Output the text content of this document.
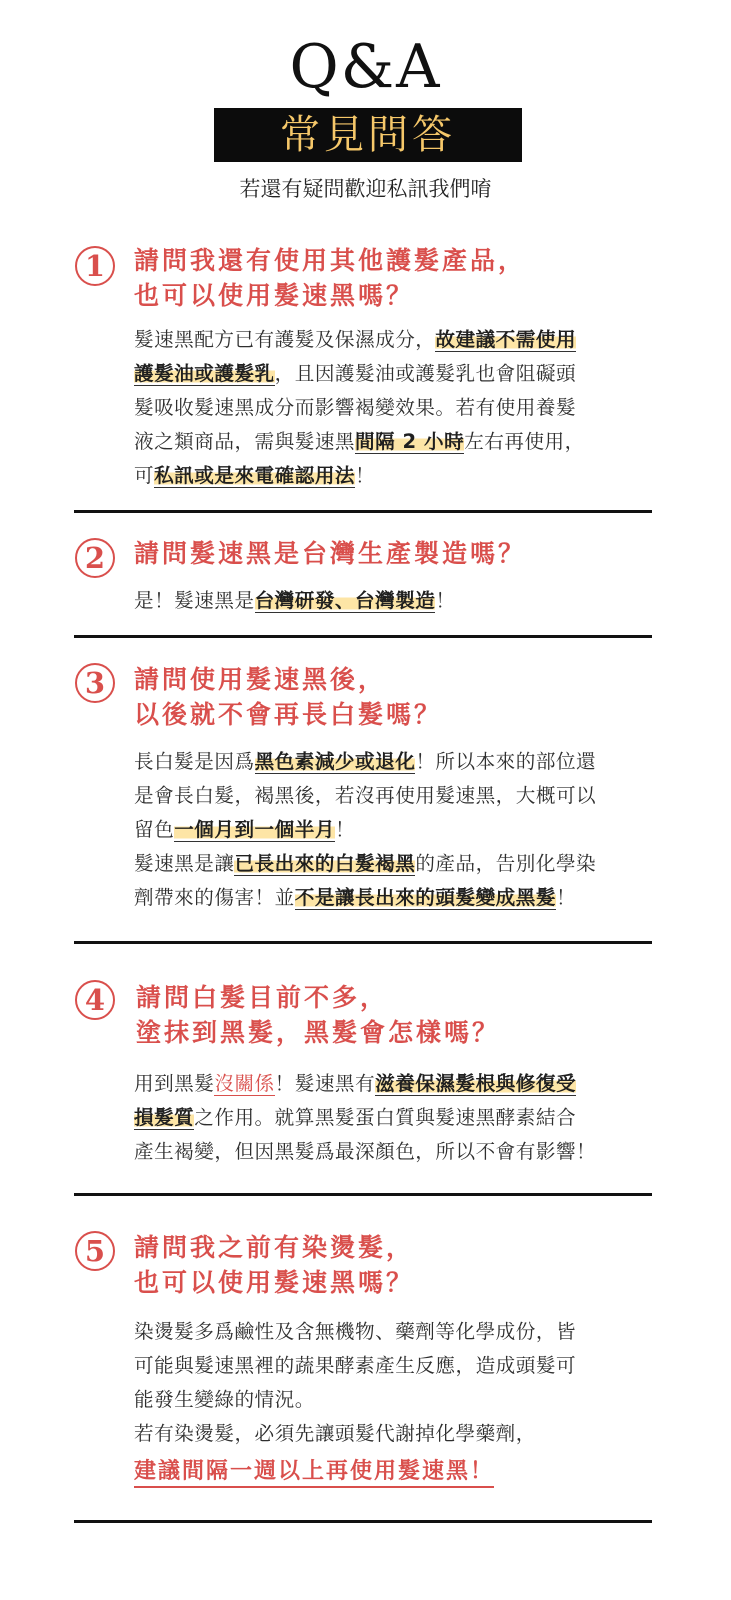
Q&A
常見問答
若還有疑問歡迎私訊我們唷
1	請問我還有使用其他護髮產品，
也可以使用髮速黑嗎？
髮速黑配方已有護髮及保濕成分，故建議不需使用
護髮油或護髮乳，且因護髮油或護髮乳也會阻礙頭
髮吸收髮速黑成分而影響褐變效果。若有使用養髮
液之類商品，需與髮速黑間隔 2 小時左右再使用，
可私訊或是來電確認用法！
2	請問髮速黑是台灣生產製造嗎？
是！髮速黑是台灣研發、台灣製造！
3	請問使用髮速黑後，
以後就不會再長白髮嗎？
長白髮是因爲黑色素減少或退化！所以本來的部位還
是會長白髮，褐黑後，若沒再使用髮速黑，大概可以
留色一個月到一個半月！
髮速黑是讓已長出來的白髮褐黑的產品，告別化學染
劑帶來的傷害！並不是讓長出來的頭髮變成黑髮！
4	請問白髮目前不多，
塗抹到黑髮，黑髮會怎樣嗎？
用到黑髮沒關係！髮速黑有滋養保濕髮根與修復受
損髮質之作用。就算黑髮蛋白質與髮速黑酵素結合
產生褐變，但因黑髮爲最深顏色，所以不會有影響！
5	請問我之前有染燙髮，
也可以使用髮速黑嗎？
染燙髮多爲鹼性及含無機物、藥劑等化學成份，皆
可能與髮速黑裡的蔬果酵素產生反應，造成頭髮可
能發生變綠的情況。
若有染燙髮，必須先讓頭髮代謝掉化學藥劑，
建議間隔一週以上再使用髮速黑！
